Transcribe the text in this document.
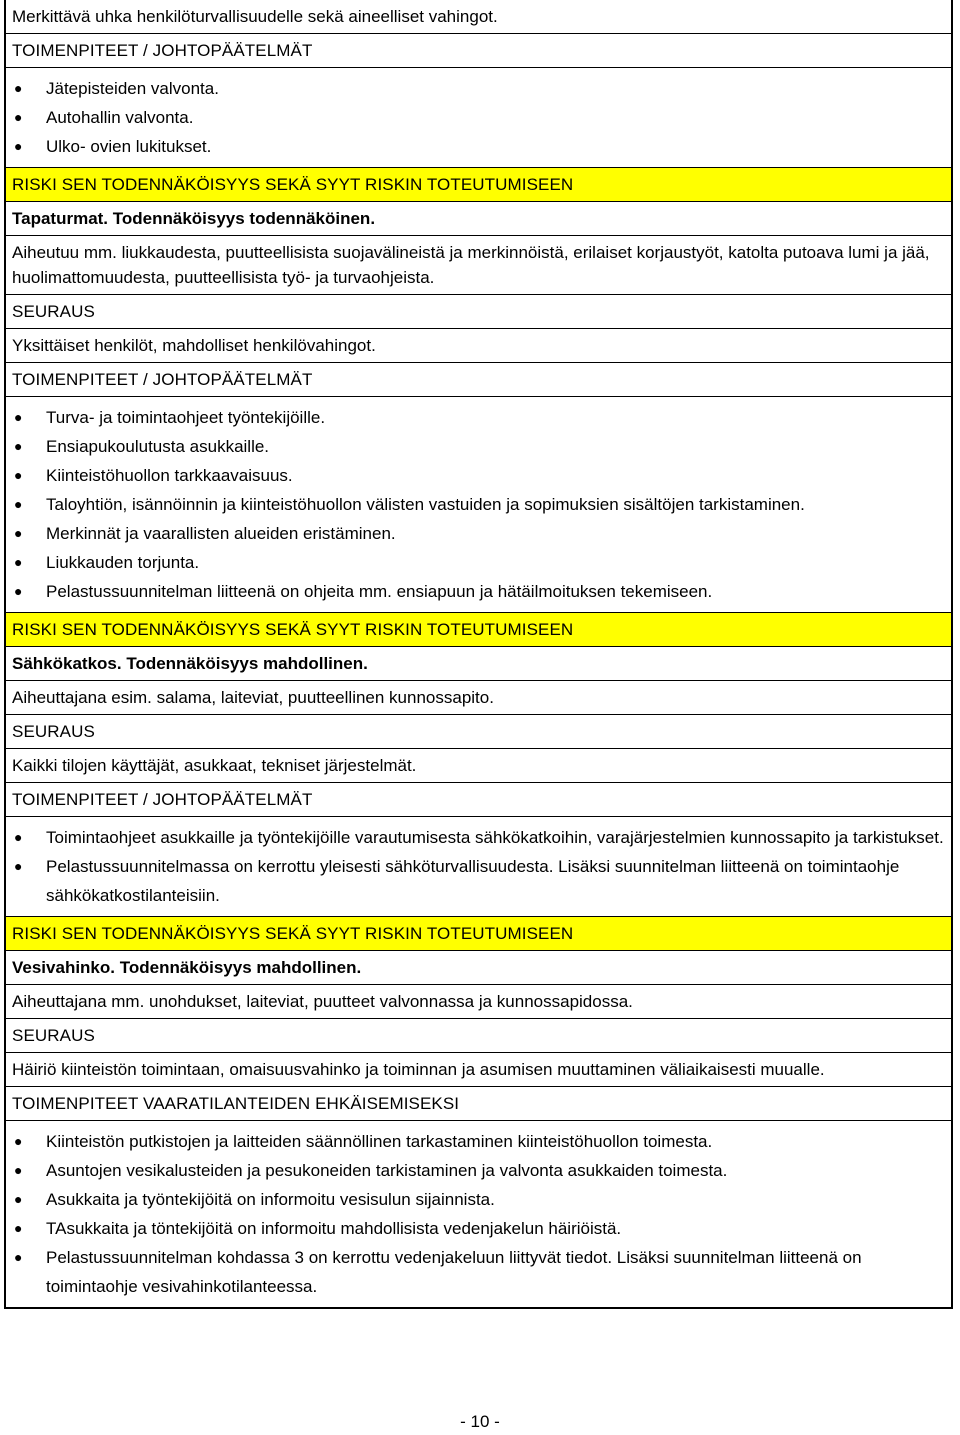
Merkittävä uhka henkilöturvallisuudelle sekä aineelliset vahingot.
TOIMENPITEET / JOHTOPÄÄTELMÄT
● Jätepisteiden valvonta.
● Autohallin valvonta.
● Ulko- ovien lukitukset.
RISKI SEN TODENNÄKÖISYYS SEKÄ SYYT RISKIN TOTEUTUMISEEN
Tapaturmat. Todennäköisyys todennäköinen.
Aiheutuu mm. liukkaudesta, puutteellisista suojavälineistä ja merkinnöistä, erilaiset korjaustyöt, katolta putoava lumi ja jää, huolimattomuudesta, puutteellisista työ- ja turvaohjeista.
SEURAUS
Yksittäiset henkilöt, mahdolliset henkilövahingot.
TOIMENPITEET / JOHTOPÄÄTELMÄT
● Turva- ja toimintaohjeet työntekijöille.
● Ensiapukoulutusta asukkaille.
● Kiinteistöhuollon tarkkaavaisuus.
● Taloyhtiön, isännöinnin ja kiinteistöhuollon välisten vastuiden ja sopimuksien sisältöjen tarkistaminen.
● Merkinnät ja vaarallisten alueiden eristäminen.
● Liukkauden torjunta.
● Pelastussuunnitelman liitteenä on ohjeita mm. ensiapuun ja hätäilmoituksen tekemiseen.
RISKI SEN TODENNÄKÖISYYS SEKÄ SYYT RISKIN TOTEUTUMISEEN
Sähkökatkos. Todennäköisyys mahdollinen.
Aiheuttajana esim. salama, laiteviat, puutteellinen kunnossapito.
SEURAUS
Kaikki tilojen käyttäjät, asukkaat, tekniset järjestelmät.
TOIMENPITEET / JOHTOPÄÄTELMÄT
● Toimintaohjeet asukkaille ja työntekijöille varautumisesta sähkökatkoihin, varajärjestelmien kunnossapito ja tarkistukset.
● Pelastussuunnitelmassa on kerrottu yleisesti sähköturvallisuudesta. Lisäksi suunnitelman liitteenä on toimintaohje sähkökatkostilanteisiin.
RISKI SEN TODENNÄKÖISYYS SEKÄ SYYT RISKIN TOTEUTUMISEEN
Vesivahinko. Todennäköisyys mahdollinen.
Aiheuttajana mm. unohdukset, laiteviat, puutteet valvonnassa ja kunnossapidossa.
SEURAUS
Häiriö kiinteistön toimintaan, omaisuusvahinko ja toiminnan ja asumisen muuttaminen väliaikaisesti muualle.
TOIMENPITEET VAARATILANTEIDEN EHKÄISEMISEKSI
● Kiinteistön putkistojen ja laitteiden säännöllinen tarkastaminen kiinteistöhuollon toimesta.
● Asuntojen vesikalusteiden ja pesukoneiden tarkistaminen ja valvonta asukkaiden toimesta.
● Asukkaita ja työntekijöitä on informoitu vesisulun sijainnista.
● TAsukkaita ja töntekijöitä on informoitu mahdollisista vedenjakelun häiriöistä.
● Pelastussuunnitelman kohdassa 3 on kerrottu vedenjakeluun liittyvät tiedot. Lisäksi suunnitelman liitteenä on toimintaohje vesivahinkotilanteessa.
- 10 -
